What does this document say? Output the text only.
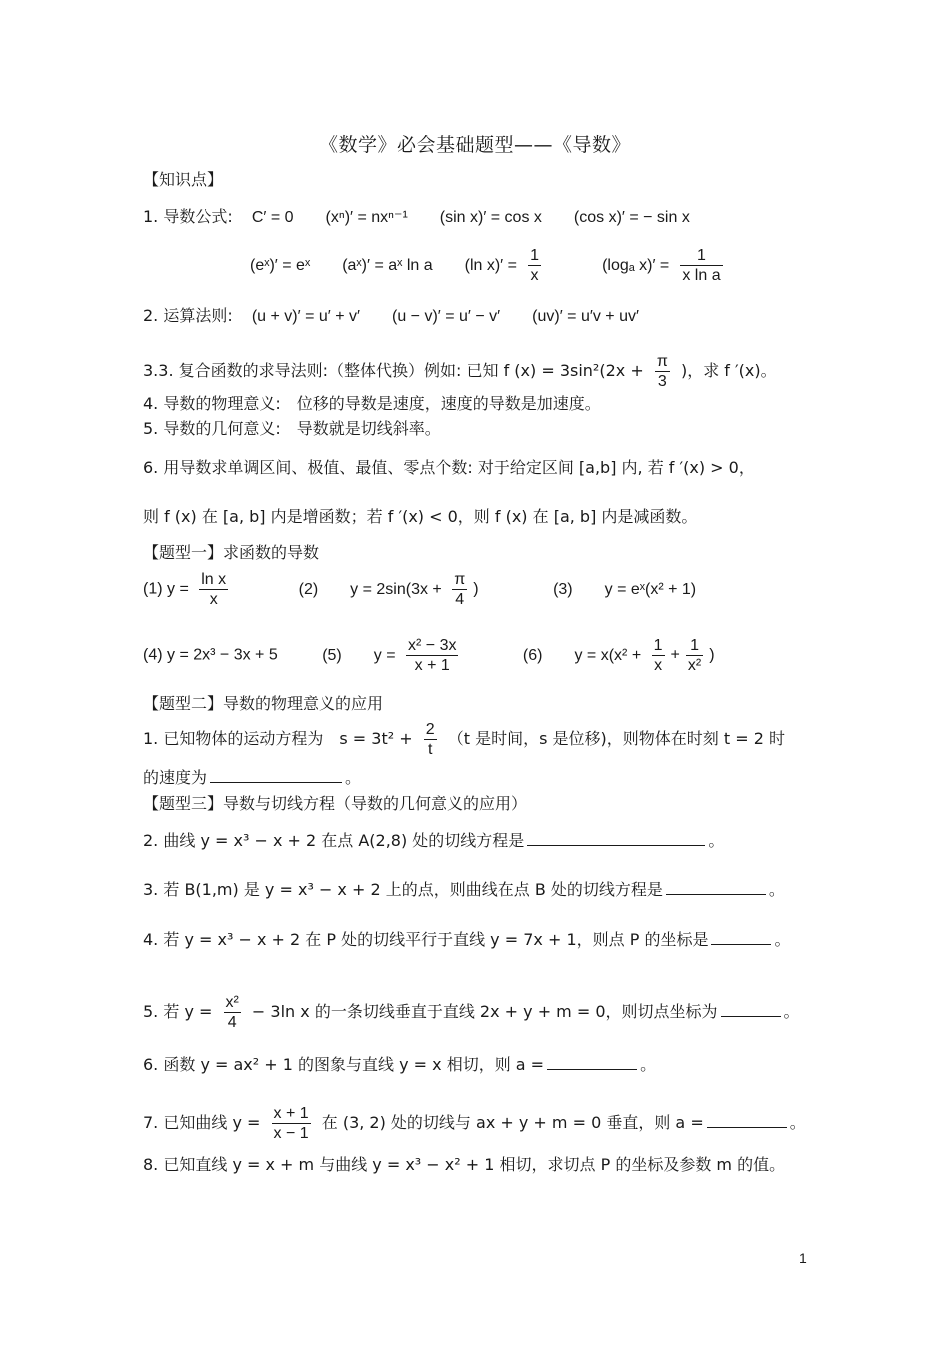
《数学》必会基础题型——《导数》
【知识点】
1. 导数公式: C′ = 0　　(xⁿ)′ = nxⁿ⁻¹　　(sin x)′ = cos x　　(cos x)′ = − sin x
(eˣ)′ = eˣ　　(aˣ)′ = aˣ ln a　　(ln $x)' = \frac{1}{x}$	(logₐ $x)' = \frac{1}{\text{x ln a}}$
2. 运算法则: (u + v)′ = u′ + v′　　(u − v)′ = u′ − v′　　(uv)′ = u′v + uv′
3.3. 复合函数的求导法则:（整体代换）例如: 已知 f $(x) = 3\sin^2(2x + \frac{\pi}{3}$ )，求 f ′(x)。
4. 导数的物理意义:　位移的导数是速度，速度的导数是加速度。
5. 导数的几何意义:　导数就是切线斜率。
6. 用导数求单调区间、极值、最值、零点个数: 对于给定区间 [a,b] 内, 若 f ′(x) > 0，
则 f (x) 在 [a, b] 内是增函数；若 f ′(x) < 0，则 f (x) 在 [a, b] 内是减函数。
【题型一】求函数的导数
(1) $y = \frac{\text{ln x}}{x}$	(2)　　$y = 2\sin(3x + \frac{\pi}{4}$ )	(3)　　y = eˣ(x² + 1)
(4) y = 2x³ − 3x + 5	(5)　　$y = \frac{\text{x² − 3x}}{x + 1}$	(6)　　$y = x(x^2 + \frac{1}{x} + \frac{1}{\text{x²}}$ )
【题型二】导数的物理意义的应用
1. 已知物体的运动方程为　$s = 3t^2 + \frac{2}{t} (t$ 是时间，s 是位移)，则物体在时刻 t = 2 时
的速度为	。
【题型三】导数与切线方程（导数的几何意义的应用）
2. 曲线 y = x³ − x + 2 在点 A(2,8) 处的切线方程是	。
3. 若 B(1,m) 是 y = x³ − x + 2 上的点，则曲线在点 B 处的切线方程是	。
4. 若 y = x³ − x + 2 在 P 处的切线平行于直线 y = 7x + 1，则点 P 的坐标是	。
5. 若 $y = \frac{\text{x²}}{4} - 3\ln$ x 的一条切线垂直于直线 2x + y + m = 0，则切点坐标为	。
6. 函数 y = ax² + 1 的图象与直线 y = x 相切，则 a =	。
7. 已知曲线 $y = \frac{x + 1}{x - 1}$ 在 (3, 2) 处的切线与 ax + y + m = 0 垂直，则 a =	。
8. 已知直线 y = x + m 与曲线 y = x³ − x² + 1 相切，求切点 P 的坐标及参数 m 的值。
1
